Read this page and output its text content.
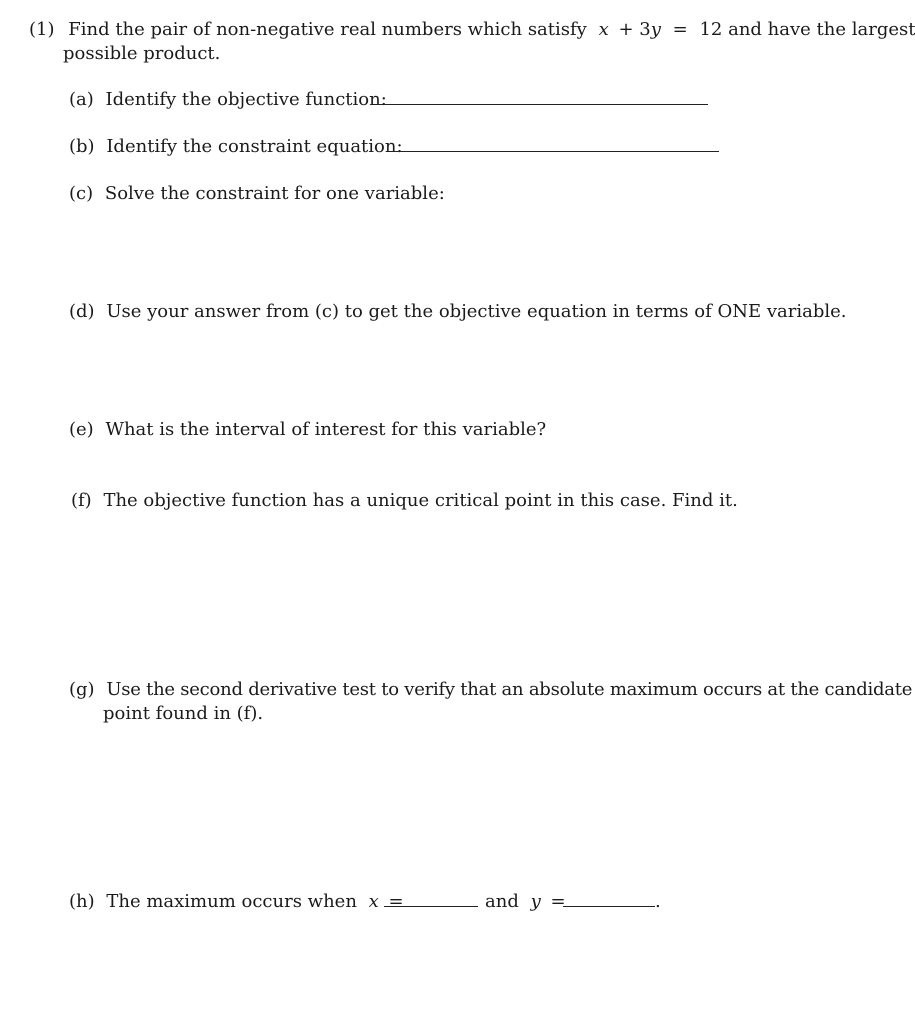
(1) Find the pair of non-negative real numbers which satisfy x + 3y = 12 and have the largest
possible product.
(a) Identify the objective function:
(b) Identify the constraint equation:
(c) Solve the constraint for one variable:
(d) Use your answer from (c) to get the objective equation in terms of ONE variable.
(e) What is the interval of interest for this variable?
(f) The objective function has a unique critical point in this case. Find it.
(g) Use the second derivative test to verify that an absolute maximum occurs at the candidate
point found in (f).
(h) The maximum occurs when x =	and y =	.
